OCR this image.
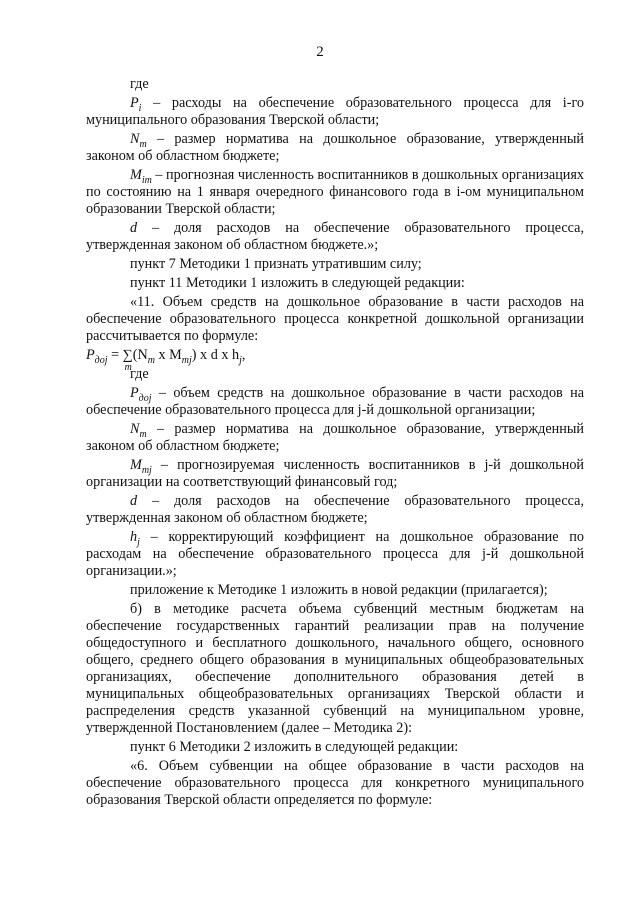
2

где

$P_i$ – расходы на обеспечение образовательного процесса для i-го муниципального образования Тверской области;

$N_m$ – размер норматива на дошкольное образование, утвержденный законом об областном бюджете;

$M_{im}$ – прогнозная численность воспитанников в дошкольных организациях по состоянию на 1 января очередного финансового года в i-ом муниципальном образовании Тверской области;

d – доля расходов на обеспечение образовательного процесса, утвержденная законом об областном бюджете.»;

пункт 7 Методики 1 признать утратившим силу;

пункт 11 Методики 1 изложить в следующей редакции:

«11. Объем средств на дошкольное образование в части расходов на обеспечение образовательного процесса конкретной дошкольной организации рассчитывается по формуле:

$P_{доj}$ = ∑
m
($N_m$ x $M_{mj}$) x d x $h_j$,

где

$P_{доj}$ – объем средств на дошкольное образование в части расходов на обеспечение образовательного процесса для j-й дошкольной организации;

$N_m$ – размер норматива на дошкольное образование, утвержденный законом об областном бюджете;

$M_{mj}$ – прогнозируемая численность воспитанников в j-й дошкольной организации на соответствующий финансовый год;

d – доля расходов на обеспечение образовательного процесса, утвержденная законом об областном бюджете;

$h_j$ – корректирующий коэффициент на дошкольное образование по расходам на обеспечение образовательного процесса для j-й дошкольной организации.»;

приложение к Методике 1 изложить в новой редакции (прилагается);

б) в методике расчета объема субвенций местным бюджетам на обеспечение государственных гарантий реализации прав на получение общедоступного и бесплатного дошкольного, начального общего, основного общего, среднего общего образования в муниципальных общеобразовательных организациях, обеспечение дополнительного образования детей в муниципальных общеобразовательных организациях Тверской области и распределения средств указанной субвенций на муниципальном уровне, утвержденной Постановлением (далее – Методика 2):

пункт 6 Методики 2 изложить в следующей редакции:

«6. Объем субвенции на общее образование в части расходов на обеспечение образовательного процесса для конкретного муниципального образования Тверской области определяется по формуле:
